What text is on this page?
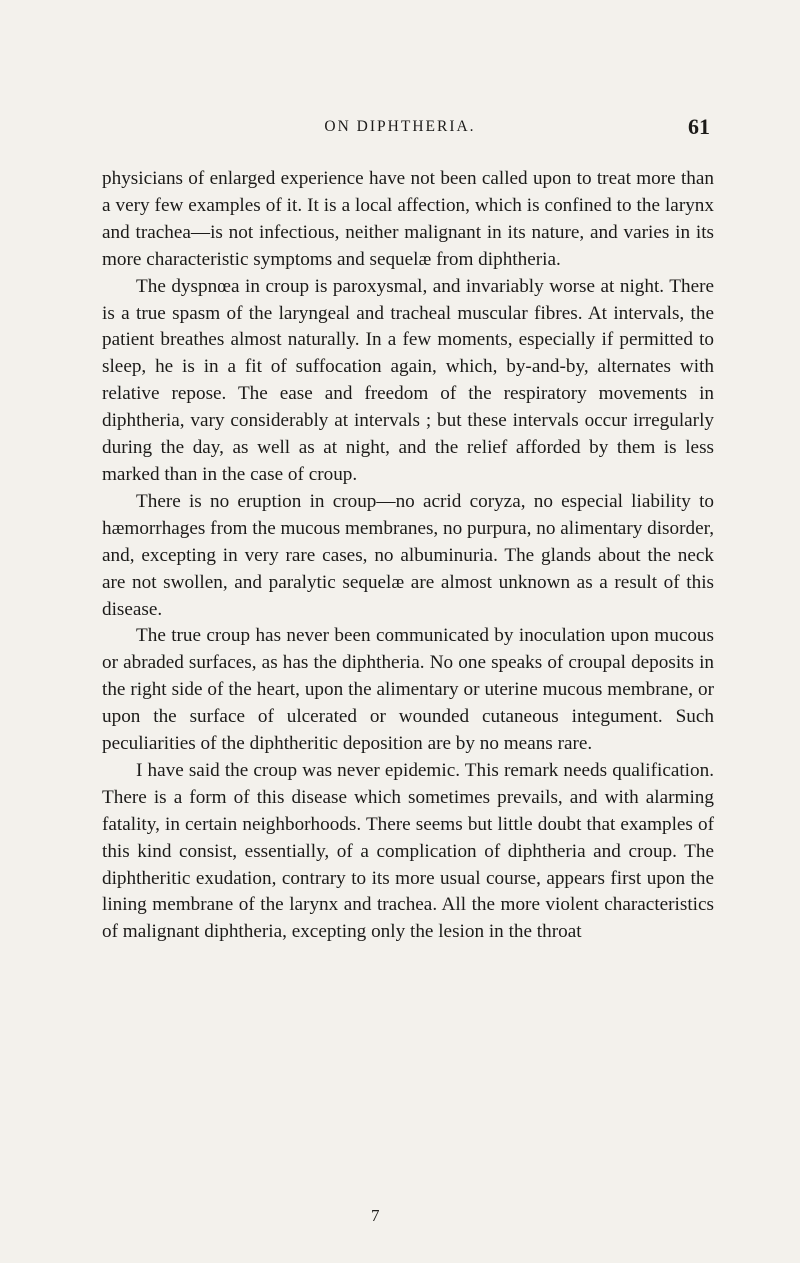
ON DIPHTHERIA.	61

physicians of enlarged experience have not been called upon to treat more than a very few examples of it. It is a local affection, which is confined to the larynx and trachea—is not infectious, neither malignant in its nature, and varies in its more characteristic symptoms and sequelæ from diphtheria.

The dyspnœa in croup is paroxysmal, and invariably worse at night. There is a true spasm of the laryngeal and tracheal muscular fibres. At intervals, the patient breathes almost naturally. In a few moments, especially if permitted to sleep, he is in a fit of suffocation again, which, by-and-by, alternates with relative repose. The ease and freedom of the respiratory movements in diphtheria, vary considerably at intervals ; but these intervals occur irregularly during the day, as well as at night, and the relief afforded by them is less marked than in the case of croup.

There is no eruption in croup—no acrid coryza, no especial liability to hæmorrhages from the mucous membranes, no purpura, no alimentary disorder, and, excepting in very rare cases, no albuminuria. The glands about the neck are not swollen, and paralytic sequelæ are almost unknown as a result of this disease.

The true croup has never been communicated by inoculation upon mucous or abraded surfaces, as has the diphtheria. No one speaks of croupal deposits in the right side of the heart, upon the alimentary or uterine mucous membrane, or upon the surface of ulcerated or wounded cutaneous integument. Such peculiarities of the diphtheritic deposition are by no means rare.

I have said the croup was never epidemic. This remark needs qualification. There is a form of this disease which sometimes prevails, and with alarming fatality, in certain neighborhoods. There seems but little doubt that examples of this kind consist, essentially, of a complication of diphtheria and croup. The diphtheritic exudation, contrary to its more usual course, appears first upon the lining membrane of the larynx and trachea. All the more violent characteristics of malignant diphtheria, excepting only the lesion in the throat

7
